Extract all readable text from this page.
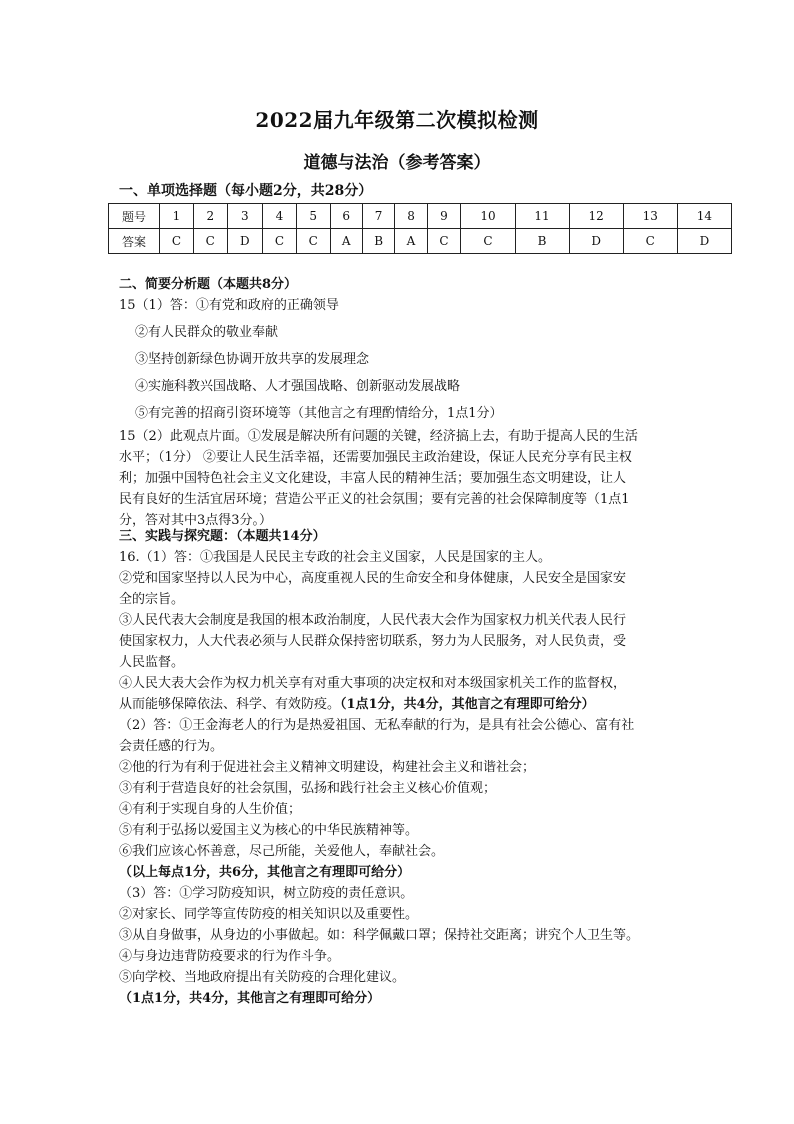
2022届九年级第二次模拟检测
道德与法治（参考答案）
一、单项选择题（每小题2分，共28分）
题号	1	2	3	4	5	6	7	8	9	10	11	12	13	14
答案	C	C	D	C	C	A	B	A	C	C	B	D	C	D
二、简要分析题（本题共8分）
15（1）答：①有党和政府的正确领导
②有人民群众的敬业奉献
③坚持创新绿色协调开放共享的发展理念
④实施科教兴国战略、人才强国战略、创新驱动发展战略
⑤有完善的招商引资环境等（其他言之有理酌情给分，1点1分）
15（2）此观点片面。①发展是解决所有问题的关键，经济搞上去，有助于提高人民的生活
水平；（1分） ②要让人民生活幸福，还需要加强民主政治建设，保证人民充分享有民主权
利；加强中国特色社会主义文化建设，丰富人民的精神生活；要加强生态文明建设，让人
民有良好的生活宜居环境；营造公平正义的社会氛围；要有完善的社会保障制度等（1点1
分，答对其中3点得3分。）
三、实践与探究题：（本题共14分）
16.（1）答：①我国是人民民主专政的社会主义国家，人民是国家的主人。
②党和国家坚持以人民为中心，高度重视人民的生命安全和身体健康，人民安全是国家安
全的宗旨。
③人民代表大会制度是我国的根本政治制度，人民代表大会作为国家权力机关代表人民行
使国家权力，人大代表必须与人民群众保持密切联系，努力为人民服务，对人民负责，受
人民监督。
④人民大表大会作为权力机关享有对重大事项的决定权和对本级国家机关工作的监督权，
从而能够保障依法、科学、有效防疫。（1点1分，共4分，其他言之有理即可给分）
（2）答：①王金海老人的行为是热爱祖国、无私奉献的行为，是具有社会公德心、富有社
会责任感的行为。
②他的行为有利于促进社会主义精神文明建设，构建社会主义和谐社会；
③有利于营造良好的社会氛围，弘扬和践行社会主义核心价值观；
④有利于实现自身的人生价值；
⑤有利于弘扬以爱国主义为核心的中华民族精神等。
⑥我们应该心怀善意，尽己所能，关爱他人，奉献社会。
（以上每点1分，共6分，其他言之有理即可给分）
（3）答：①学习防疫知识，树立防疫的责任意识。
②对家长、同学等宣传防疫的相关知识以及重要性。
③从自身做事，从身边的小事做起。如：科学佩戴口罩；保持社交距离；讲究个人卫生等。
④与身边违背防疫要求的行为作斗争。
⑤向学校、当地政府提出有关防疫的合理化建议。
（1点1分，共4分，其他言之有理即可给分）
